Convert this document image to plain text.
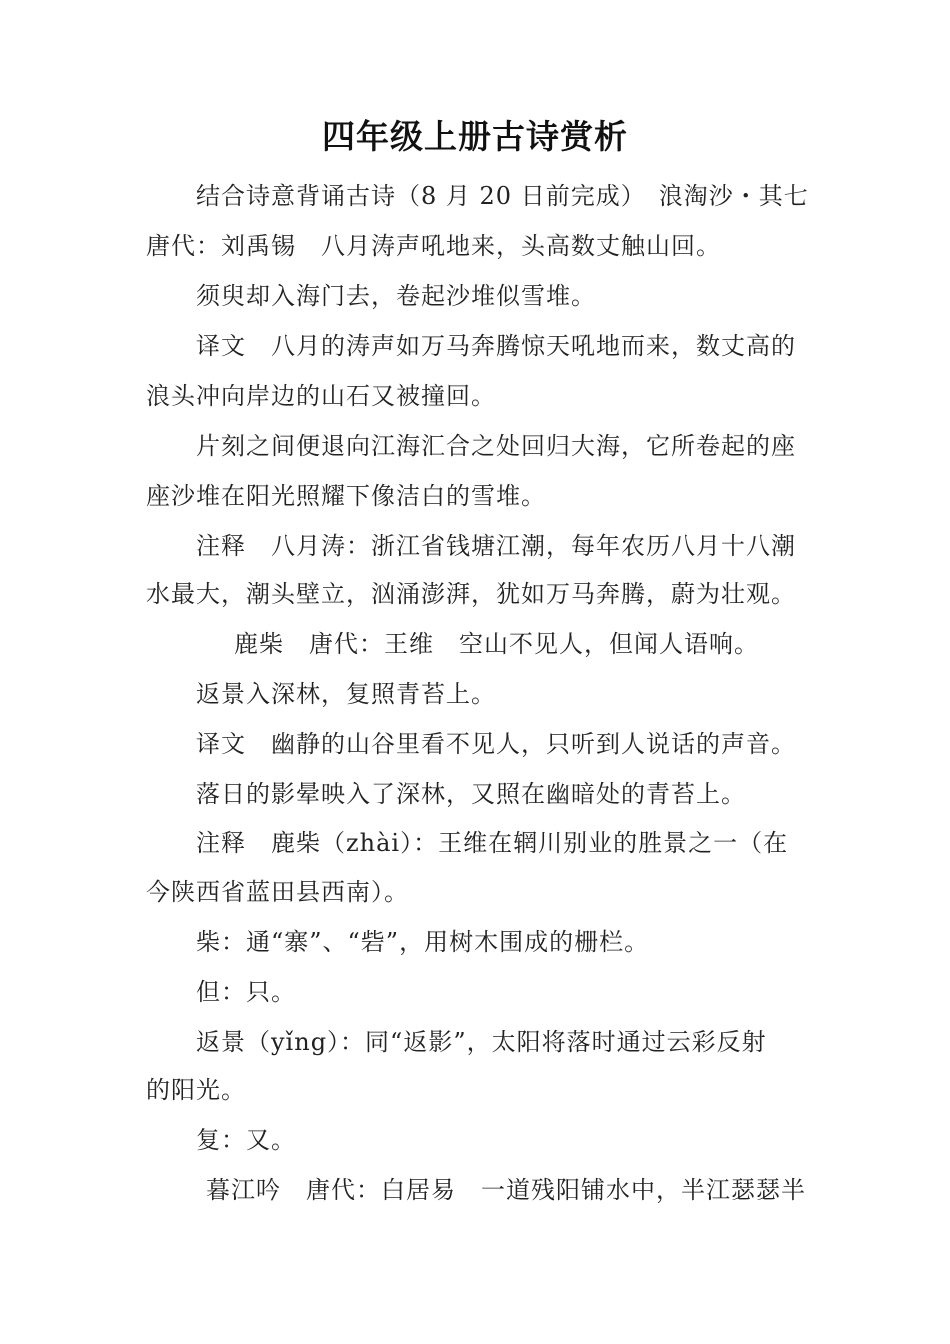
四年级上册古诗赏析
结合诗意背诵古诗（8 月 20 日前完成）　浪淘沙・其七
唐代：刘禹锡　八月涛声吼地来，头高数丈触山回。
须臾却入海门去，卷起沙堆似雪堆。
译文　八月的涛声如万马奔腾惊天吼地而来，数丈高的
浪头冲向岸边的山石又被撞回。
片刻之间便退向江海汇合之处回归大海，它所卷起的座
座沙堆在阳光照耀下像洁白的雪堆。
注释　八月涛：浙江省钱塘江潮，每年农历八月十八潮
水最大，潮头壁立，汹涌澎湃，犹如万马奔腾，蔚为壮观。
鹿柴　唐代：王维　空山不见人，但闻人语响。
返景入深林，复照青苔上。
译文　幽静的山谷里看不见人，只听到人说话的声音。
落日的影晕映入了深林，又照在幽暗处的青苔上。
注释　鹿柴（zhài）：王维在辋川别业的胜景之一（在
今陕西省蓝田县西南）。
柴：通“寨”、“砦”，用树木围成的栅栏。
但：只。
返景（yǐng）：同“返影”，太阳将落时通过云彩反射
的阳光。
复：又。
暮江吟　唐代：白居易　一道残阳铺水中，半江瑟瑟半
